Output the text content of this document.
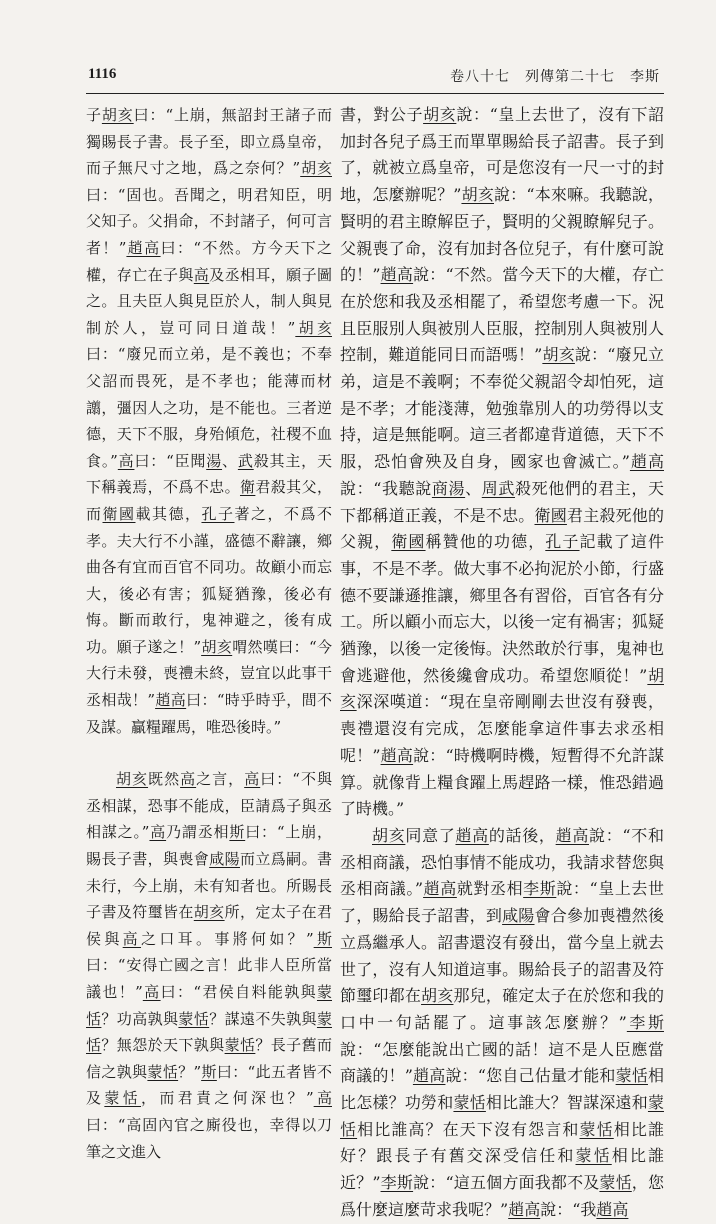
1116	卷八十七　列傳第二十七　李斯

子胡亥曰：“上崩，無詔封王諸子而獨賜長子書。長子至，即立爲皇帝，而子無尺寸之地，爲之奈何？”胡亥曰：“固也。吾聞之，明君知臣，明父知子。父捐命，不封諸子，何可言者！”趙高曰：“不然。方今天下之權，存亡在子與高及丞相耳，願子圖之。且夫臣人與見臣於人，制人與見制於人，豈可同日道哉！”胡亥曰：“廢兄而立弟，是不義也；不奉父詔而畏死，是不孝也；能薄而材譾，彊因人之功，是不能也。三者逆德，天下不服，身殆傾危，社稷不血食。”高曰：“臣聞湯、武殺其主，天下稱義焉，不爲不忠。衛君殺其父，而衛國載其德，孔子著之，不爲不孝。夫大行不小謹，盛德不辭讓，鄉曲各有宜而百官不同功。故顧小而忘大，後必有害；狐疑猶豫，後必有悔。斷而敢行，鬼神避之，後有成功。願子遂之！”胡亥喟然嘆曰：“今大行未發，喪禮未終，豈宜以此事干丞相哉！”趙高曰：“時乎時乎，間不及謀。贏糧躍馬，唯恐後時。”

胡亥既然高之言，高曰：“不與丞相謀，恐事不能成，臣請爲子與丞相謀之。”高乃謂丞相斯曰：“上崩，賜長子書，與喪會咸陽而立爲嗣。書未行，今上崩，未有知者也。所賜長子書及符璽皆在胡亥所，定太子在君侯與高之口耳。事將何如？”斯曰：“安得亡國之言！此非人臣所當議也！”高曰：“君侯自料能孰與蒙恬？功高孰與蒙恬？謀遠不失孰與蒙恬？無怨於天下孰與蒙恬？長子舊而信之孰與蒙恬？”斯曰：“此五者皆不及蒙恬，而君責之何深也？”高曰：“高固內官之廝役也，幸得以刀筆之文進入

書，對公子胡亥說：“皇上去世了，沒有下詔加封各兒子爲王而單單賜給長子詔書。長子到了，就被立爲皇帝，可是您沒有一尺一寸的封地，怎麼辦呢？”胡亥說：“本來嘛。我聽說，賢明的君主瞭解臣子，賢明的父親瞭解兒子。父親喪了命，沒有加封各位兒子，有什麼可說的！”趙高說：“不然。當今天下的大權，存亡在於您和我及丞相罷了，希望您考慮一下。況且臣服別人與被別人臣服，控制別人與被別人控制，難道能同日而語嗎！”胡亥說：“廢兄立弟，這是不義啊；不奉從父親詔令却怕死，這是不孝；才能淺薄，勉強靠別人的功勞得以支持，這是無能啊。這三者都違背道德，天下不服，恐怕會殃及自身，國家也會滅亡。”趙高說：“我聽說商湯、周武殺死他們的君主，天下都稱道正義，不是不忠。衛國君主殺死他的父親，衛國稱贊他的功德，孔子記載了這件事，不是不孝。做大事不必拘泥於小節，行盛德不要謙遜推讓，鄉里各有習俗，百官各有分工。所以顧小而忘大，以後一定有禍害；狐疑猶豫，以後一定後悔。決然敢於行事，鬼神也會逃避他，然後纔會成功。希望您順從！”胡亥深深嘆道：“現在皇帝剛剛去世沒有發喪，喪禮還沒有完成，怎麼能拿這件事去求丞相呢！”趙高說：“時機啊時機，短暫得不允許謀算。就像背上糧食躍上馬趕路一樣，惟恐錯過了時機。”

胡亥同意了趙高的話後，趙高說：“不和丞相商議，恐怕事情不能成功，我請求替您與丞相商議。”趙高就對丞相李斯說：“皇上去世了，賜給長子詔書，到咸陽會合參加喪禮然後立爲繼承人。詔書還沒有發出，當今皇上就去世了，沒有人知道這事。賜給長子的詔書及符節璽印都在胡亥那兒，確定太子在於您和我的口中一句話罷了。這事該怎麼辦？”李斯說：“怎麼能說出亡國的話！這不是人臣應當商議的！”趙高說：“您自己估量才能和蒙恬相比怎樣？功勞和蒙恬相比誰大？智謀深遠和蒙恬相比誰高？在天下沒有怨言和蒙恬相比誰好？跟長子有舊交深受信任和蒙恬相比誰近？”李斯說：“這五個方面我都不及蒙恬，您爲什麼這麼苛求我呢？”趙高說：“我趙高
